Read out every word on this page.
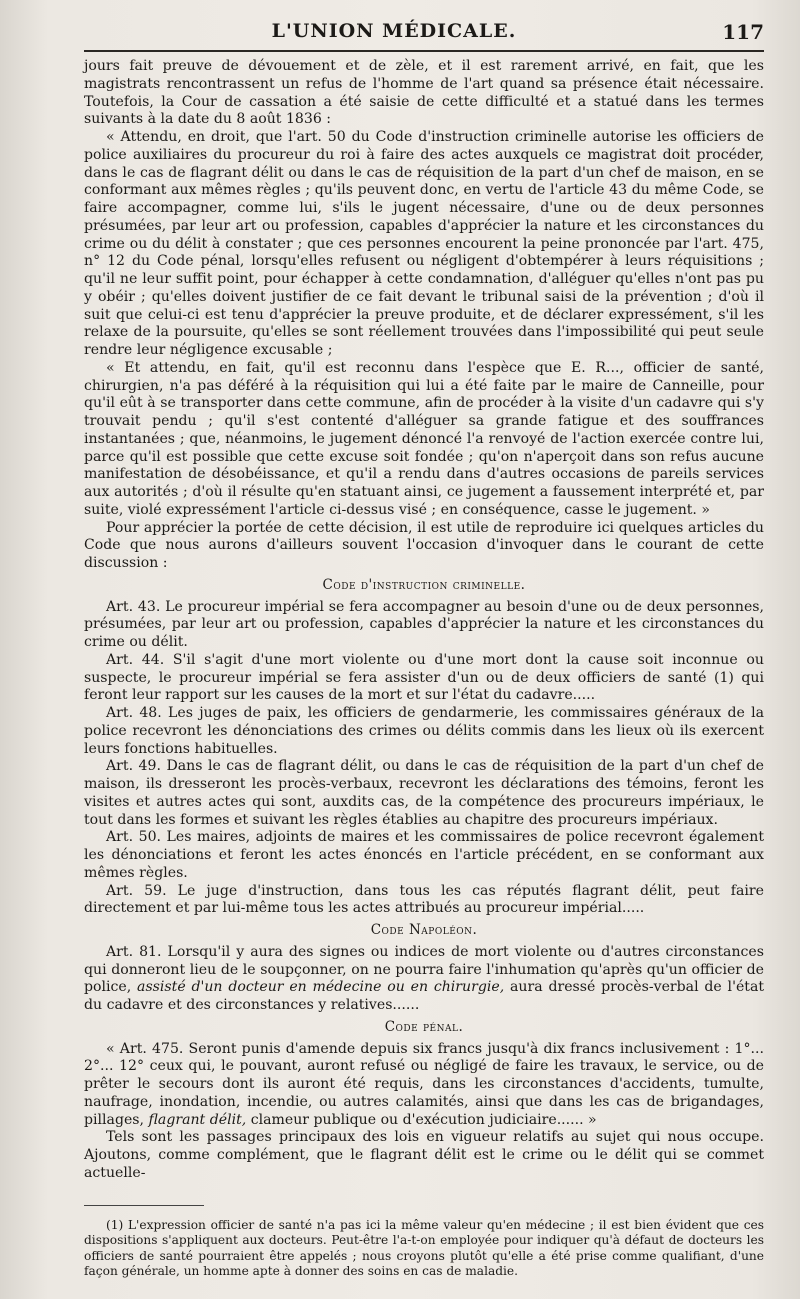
L'UNION MÉDICALE.	117

jours fait preuve de dévouement et de zèle, et il est rarement arrivé, en fait, que les magistrats rencontrassent un refus de l'homme de l'art quand sa présence était nécessaire. Toutefois, la Cour de cassation a été saisie de cette difficulté et a statué dans les termes suivants à la date du 8 août 1836 :

« Attendu, en droit, que l'art. 50 du Code d'instruction criminelle autorise les officiers de police auxiliaires du procureur du roi à faire des actes auxquels ce magistrat doit procéder, dans le cas de flagrant délit ou dans le cas de réquisition de la part d'un chef de maison, en se conformant aux mêmes règles ; qu'ils peuvent donc, en vertu de l'article 43 du même Code, se faire accompagner, comme lui, s'ils le jugent nécessaire, d'une ou de deux personnes présumées, par leur art ou profession, capables d'apprécier la nature et les circonstances du crime ou du délit à constater ; que ces personnes encourent la peine prononcée par l'art. 475, n° 12 du Code pénal, lorsqu'elles refusent ou négligent d'obtempérer à leurs réquisitions ; qu'il ne leur suffit point, pour échapper à cette condamnation, d'alléguer qu'elles n'ont pas pu y obéir ; qu'elles doivent justifier de ce fait devant le tribunal saisi de la prévention ; d'où il suit que celui-ci est tenu d'apprécier la preuve produite, et de déclarer expressément, s'il les relaxe de la poursuite, qu'elles se sont réellement trouvées dans l'impossibilité qui peut seule rendre leur négligence excusable ;

« Et attendu, en fait, qu'il est reconnu dans l'espèce que E. R..., officier de santé, chirurgien, n'a pas déféré à la réquisition qui lui a été faite par le maire de Canneille, pour qu'il eût à se transporter dans cette commune, afin de procéder à la visite d'un cadavre qui s'y trouvait pendu ; qu'il s'est contenté d'alléguer sa grande fatigue et des souffrances instantanées ; que, néanmoins, le jugement dénoncé l'a renvoyé de l'action exercée contre lui, parce qu'il est possible que cette excuse soit fondée ; qu'on n'aperçoit dans son refus aucune manifestation de désobéissance, et qu'il a rendu dans d'autres occasions de pareils services aux autorités ; d'où il résulte qu'en statuant ainsi, ce jugement a faussement interprété et, par suite, violé expressément l'article ci-dessus visé ; en conséquence, casse le jugement. »

Pour apprécier la portée de cette décision, il est utile de reproduire ici quelques articles du Code que nous aurons d'ailleurs souvent l'occasion d'invoquer dans le courant de cette discussion :

Code d'instruction criminelle.

Art. 43. Le procureur impérial se fera accompagner au besoin d'une ou de deux personnes, présumées, par leur art ou profession, capables d'apprécier la nature et les circonstances du crime ou délit.

Art. 44. S'il s'agit d'une mort violente ou d'une mort dont la cause soit inconnue ou suspecte, le procureur impérial se fera assister d'un ou de deux officiers de santé (1) qui feront leur rapport sur les causes de la mort et sur l'état du cadavre.....

Art. 48. Les juges de paix, les officiers de gendarmerie, les commissaires généraux de la police recevront les dénonciations des crimes ou délits commis dans les lieux où ils exercent leurs fonctions habituelles.

Art. 49. Dans le cas de flagrant délit, ou dans le cas de réquisition de la part d'un chef de maison, ils dresseront les procès-verbaux, recevront les déclarations des témoins, feront les visites et autres actes qui sont, auxdits cas, de la compétence des procureurs impériaux, le tout dans les formes et suivant les règles établies au chapitre des procureurs impériaux.

Art. 50. Les maires, adjoints de maires et les commissaires de police recevront également les dénonciations et feront les actes énoncés en l'article précédent, en se conformant aux mêmes règles.

Art. 59. Le juge d'instruction, dans tous les cas réputés flagrant délit, peut faire directement et par lui-même tous les actes attribués au procureur impérial.....

Code Napoléon.

Art. 81. Lorsqu'il y aura des signes ou indices de mort violente ou d'autres circonstances qui donneront lieu de le soupçonner, on ne pourra faire l'inhumation qu'après qu'un officier de police, assisté d'un docteur en médecine ou en chirurgie, aura dressé procès-verbal de l'état du cadavre et des circonstances y relatives......

Code pénal.

« Art. 475. Seront punis d'amende depuis six francs jusqu'à dix francs inclusivement : 1°... 2°... 12° ceux qui, le pouvant, auront refusé ou négligé de faire les travaux, le service, ou de prêter le secours dont ils auront été requis, dans les circonstances d'accidents, tumulte, naufrage, inondation, incendie, ou autres calamités, ainsi que dans les cas de brigandages, pillages, flagrant délit, clameur publique ou d'exécution judiciaire...... »

Tels sont les passages principaux des lois en vigueur relatifs au sujet qui nous occupe. Ajoutons, comme complément, que le flagrant délit est le crime ou le délit qui se commet actuelle-

(1) L'expression officier de santé n'a pas ici la même valeur qu'en médecine ; il est bien évident que ces dispositions s'appliquent aux docteurs. Peut-être l'a-t-on employée pour indiquer qu'à défaut de docteurs les officiers de santé pourraient être appelés ; nous croyons plutôt qu'elle a été prise comme qualifiant, d'une façon générale, un homme apte à donner des soins en cas de maladie.
